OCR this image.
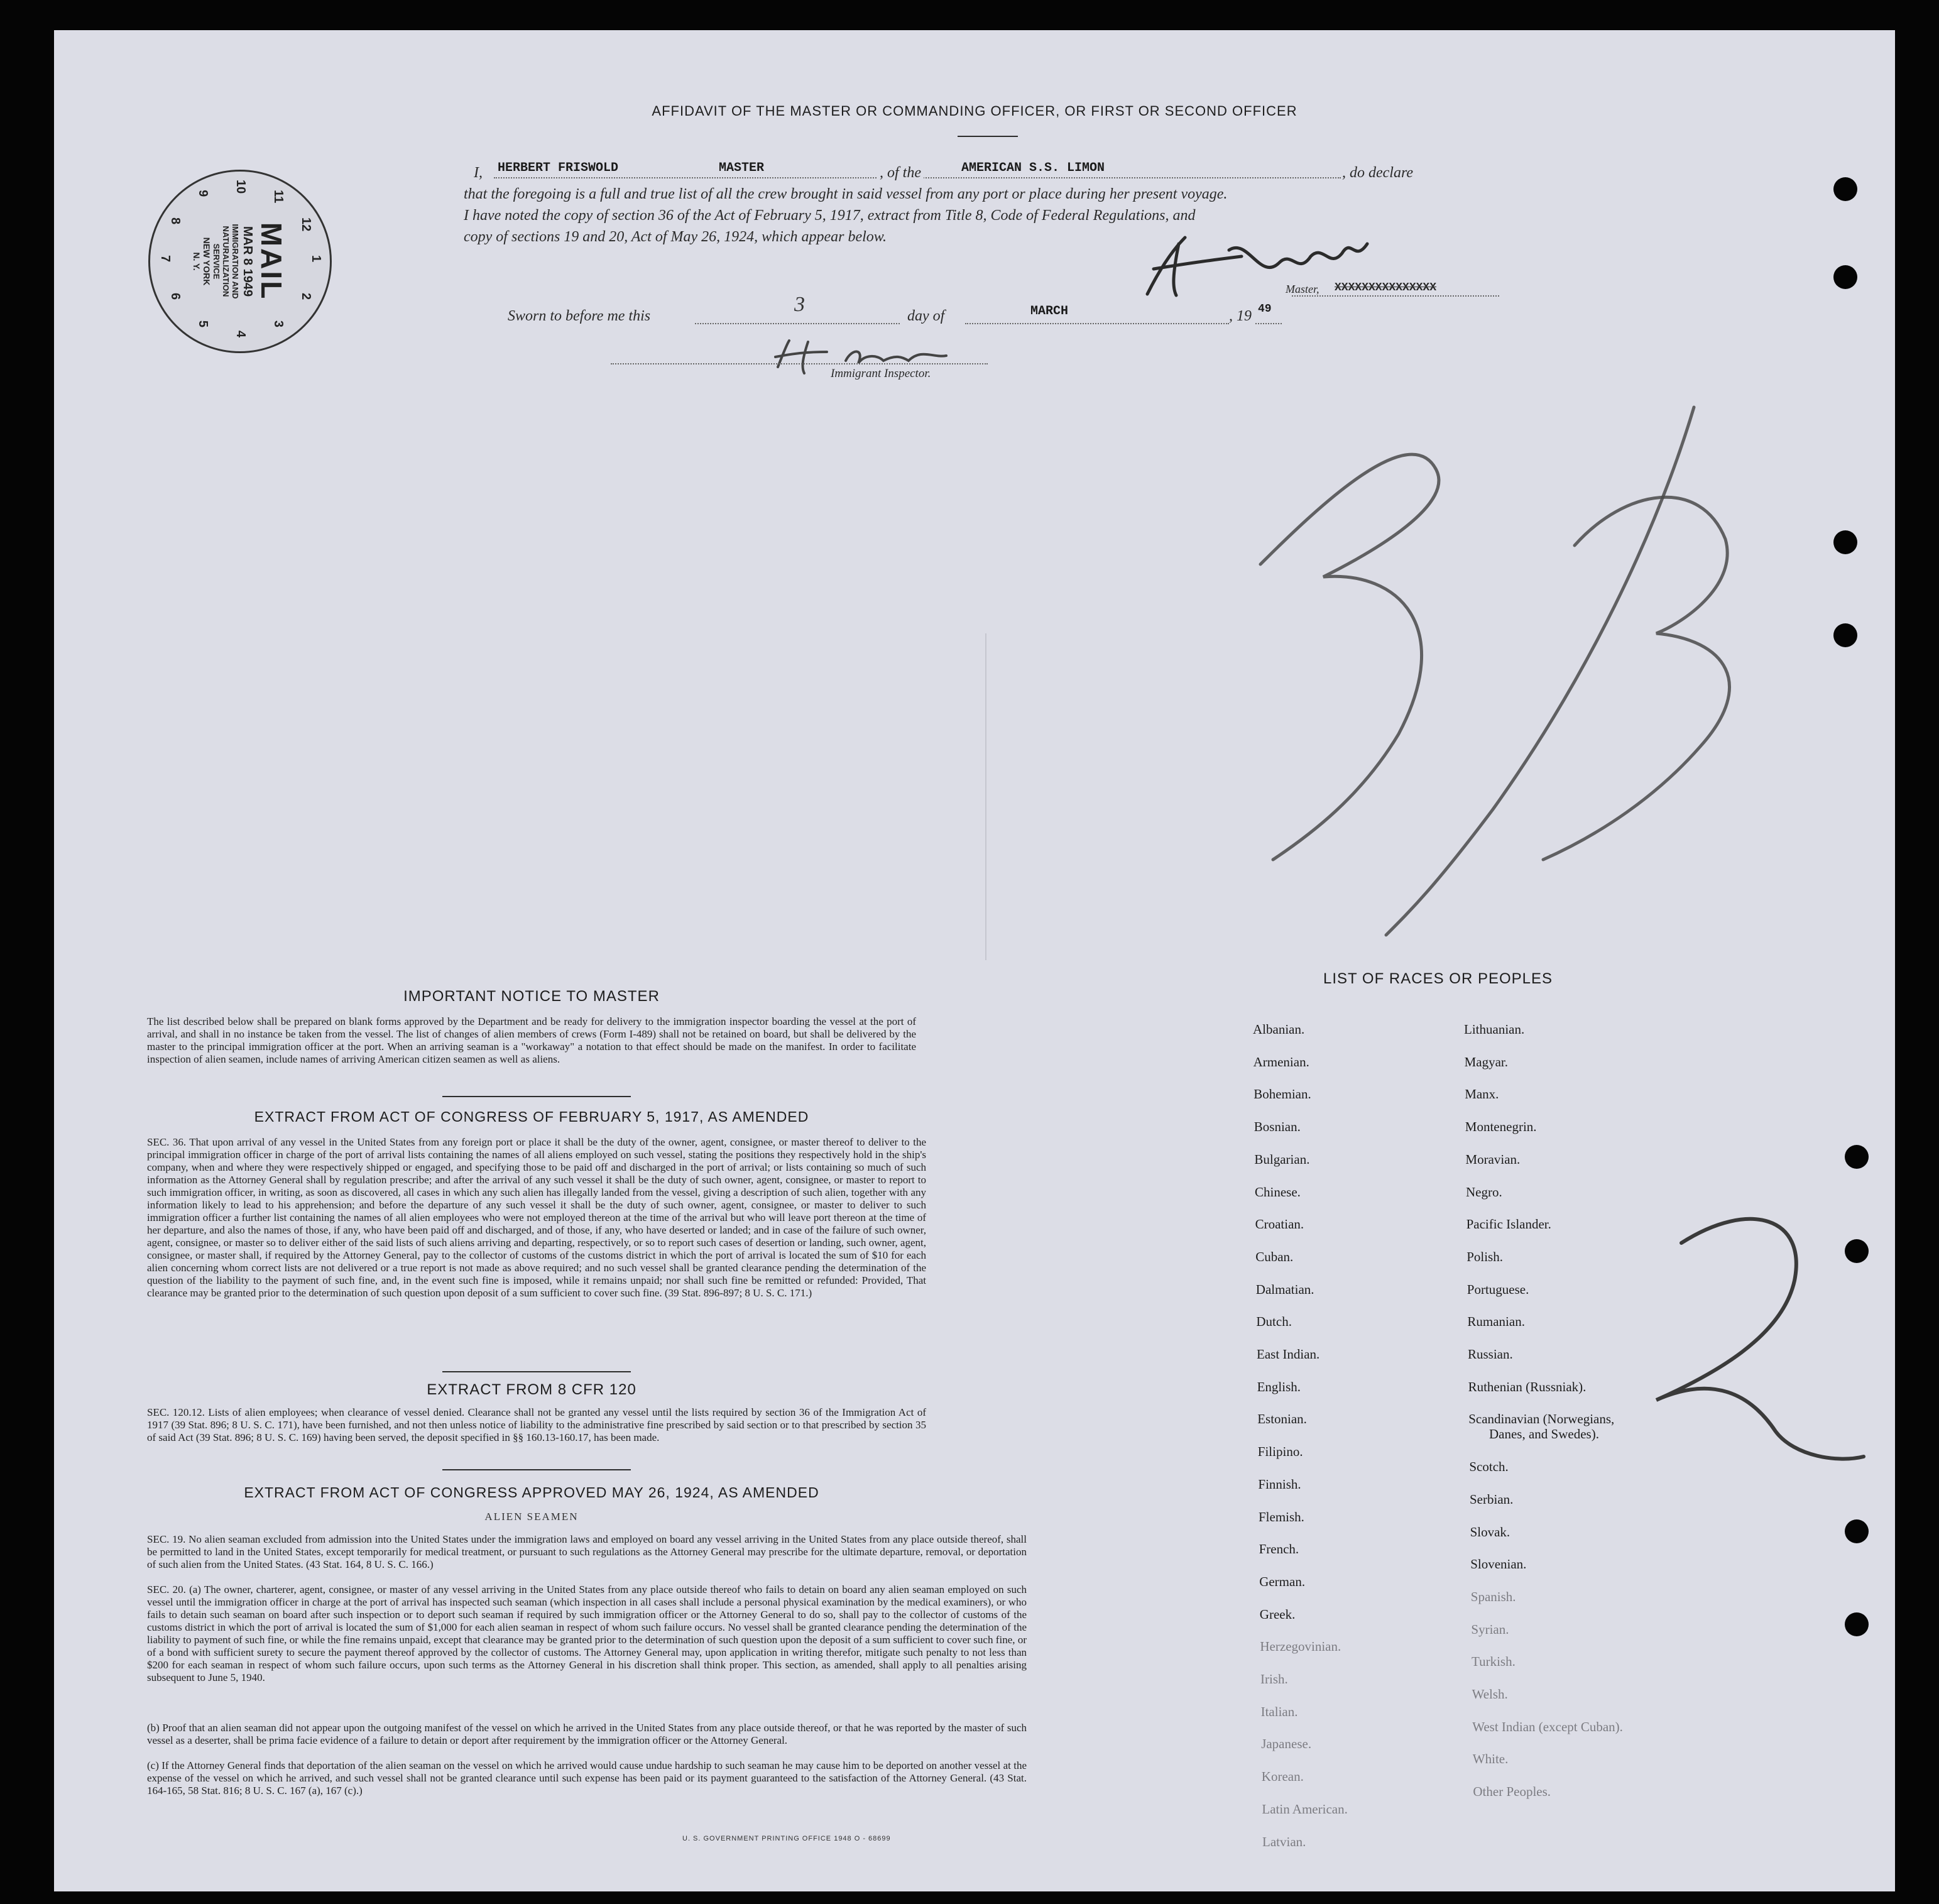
AFFIDAVIT OF THE MASTER OR COMMANDING OFFICER, OR FIRST OR SECOND OFFICER
I, HERBERT FRISWOLD	MASTER	, of the	AMERICAN S.S. LIMON	, do declare
that the foregoing is a full and true list of all the crew brought in said vessel from any port or place during her present voyage.
I have noted the copy of section 36 of the Act of February 5, 1917, extract from Title 8, Code of Federal Regulations, and
copy of sections 19 and 20, Act of May 26, 1924, which appear below.
Master, XXXXXXXXXXXXXXX
Sworn to before me this	3	day of	MARCH	, 19 49
Immigrant Inspector.
MAIL
MAR 8 1949
IMMIGRATION AND
NATURALIZATION
SERVICE
NEW YORK
N. Y.	1
2
3
4
5
6
7
8
9 10
11
12
IMPORTANT NOTICE TO MASTER
The list described below shall be prepared on blank forms approved by the Department and be ready for delivery to the immigration inspector boarding the vessel at the port of arrival, and shall in no instance be taken from the vessel. The list of changes of alien members of crews (Form I-489) shall not be retained on board, but shall be delivered by the master to the principal immigration officer at the port. When an arriving seaman is a "workaway" a notation to that effect should be made on the manifest. In order to facilitate inspection of alien seamen, include names of arriving American citizen seamen as well as aliens.
EXTRACT FROM ACT OF CONGRESS OF FEBRUARY 5, 1917, AS AMENDED
SEC. 36. That upon arrival of any vessel in the United States from any foreign port or place it shall be the duty of the owner, agent, consignee, or master thereof to deliver to the principal immigration officer in charge of the port of arrival lists containing the names of all aliens employed on such vessel, stating the positions they respectively hold in the ship's company, when and where they were respectively shipped or engaged, and specifying those to be paid off and discharged in the port of arrival; or lists containing so much of such information as the Attorney General shall by regulation prescribe; and after the arrival of any such vessel it shall be the duty of such owner, agent, consignee, or master to report to such immigration officer, in writing, as soon as discovered, all cases in which any such alien has illegally landed from the vessel, giving a description of such alien, together with any information likely to lead to his apprehension; and before the departure of any such vessel it shall be the duty of such owner, agent, consignee, or master to deliver to such immigration officer a further list containing the names of all alien employees who were not employed thereon at the time of the arrival but who will leave port thereon at the time of her departure, and also the names of those, if any, who have been paid off and discharged, and of those, if any, who have deserted or landed; and in case of the failure of such owner, agent, consignee, or master so to deliver either of the said lists of such aliens arriving and departing, respectively, or so to report such cases of desertion or landing, such owner, agent, consignee, or master shall, if required by the Attorney General, pay to the collector of customs of the customs district in which the port of arrival is located the sum of $10 for each alien concerning whom correct lists are not delivered or a true report is not made as above required; and no such vessel shall be granted clearance pending the determination of the question of the liability to the payment of such fine, and, in the event such fine is imposed, while it remains unpaid; nor shall such fine be remitted or refunded: Provided, That clearance may be granted prior to the determination of such question upon deposit of a sum sufficient to cover such fine. (39 Stat. 896-897; 8 U. S. C. 171.)
EXTRACT FROM 8 CFR 120
SEC. 120.12. Lists of alien employees; when clearance of vessel denied. Clearance shall not be granted any vessel until the lists required by section 36 of the Immigration Act of 1917 (39 Stat. 896; 8 U. S. C. 171), have been furnished, and not then unless notice of liability to the administrative fine prescribed by said section or to that prescribed by section 35 of said Act (39 Stat. 896; 8 U. S. C. 169) having been served, the deposit specified in §§ 160.13-160.17, has been made.
EXTRACT FROM ACT OF CONGRESS APPROVED MAY 26, 1924, AS AMENDED
ALIEN SEAMEN
SEC. 19. No alien seaman excluded from admission into the United States under the immigration laws and employed on board any vessel arriving in the United States from any place outside thereof, shall be permitted to land in the United States, except temporarily for medical treatment, or pursuant to such regulations as the Attorney General may prescribe for the ultimate departure, removal, or deportation of such alien from the United States. (43 Stat. 164, 8 U. S. C. 166.)
SEC. 20. (a) The owner, charterer, agent, consignee, or master of any vessel arriving in the United States from any place outside thereof who fails to detain on board any alien seaman employed on such vessel until the immigration officer in charge at the port of arrival has inspected such seaman (which inspection in all cases shall include a personal physical examination by the medical examiners), or who fails to detain such seaman on board after such inspection or to deport such seaman if required by such immigration officer or the Attorney General to do so, shall pay to the collector of customs of the customs district in which the port of arrival is located the sum of $1,000 for each alien seaman in respect of whom such failure occurs. No vessel shall be granted clearance pending the determination of the liability to payment of such fine, or while the fine remains unpaid, except that clearance may be granted prior to the determination of such question upon the deposit of a sum sufficient to cover such fine, or of a bond with sufficient surety to secure the payment thereof approved by the collector of customs. The Attorney General may, upon application in writing therefor, mitigate such penalty to not less than $200 for each seaman in respect of whom such failure occurs, upon such terms as the Attorney General in his discretion shall think proper. This section, as amended, shall apply to all penalties arising subsequent to June 5, 1940.
(b) Proof that an alien seaman did not appear upon the outgoing manifest of the vessel on which he arrived in the United States from any place outside thereof, or that he was reported by the master of such vessel as a deserter, shall be prima facie evidence of a failure to detain or deport after requirement by the immigration officer or the Attorney General.
(c) If the Attorney General finds that deportation of the alien seaman on the vessel on which he arrived would cause undue hardship to such seaman he may cause him to be deported on another vessel at the expense of the vessel on which he arrived, and such vessel shall not be granted clearance until such expense has been paid or its payment guaranteed to the satisfaction of the Attorney General. (43 Stat. 164-165, 58 Stat. 816; 8 U. S. C. 167 (a), 167 (c).)
U. S. GOVERNMENT PRINTING OFFICE 1948 O - 68699
LIST OF RACES OR PEOPLES
Albanian.
Armenian.
Bohemian.
Bosnian.
Bulgarian.
Chinese.
Croatian.
Cuban.
Dalmatian.
Dutch.
East Indian.
English.
Estonian.
Filipino.
Finnish.
Flemish.
French.
German.
Greek.
Herzegovinian.
Irish.
Italian.
Japanese.
Korean.
Latin American.
Latvian.
Lithuanian.
Magyar.
Manx.
Montenegrin.
Moravian.
Negro.
Pacific Islander.
Polish.
Portuguese.
Rumanian.
Russian.
Ruthenian (Russniak).
Scandinavian (Norwegians,
Danes, and Swedes).
Scotch.
Serbian.
Slovak.
Slovenian.
Spanish.
Syrian.
Turkish.
Welsh.
West Indian (except Cuban).
White.
Other Peoples.
